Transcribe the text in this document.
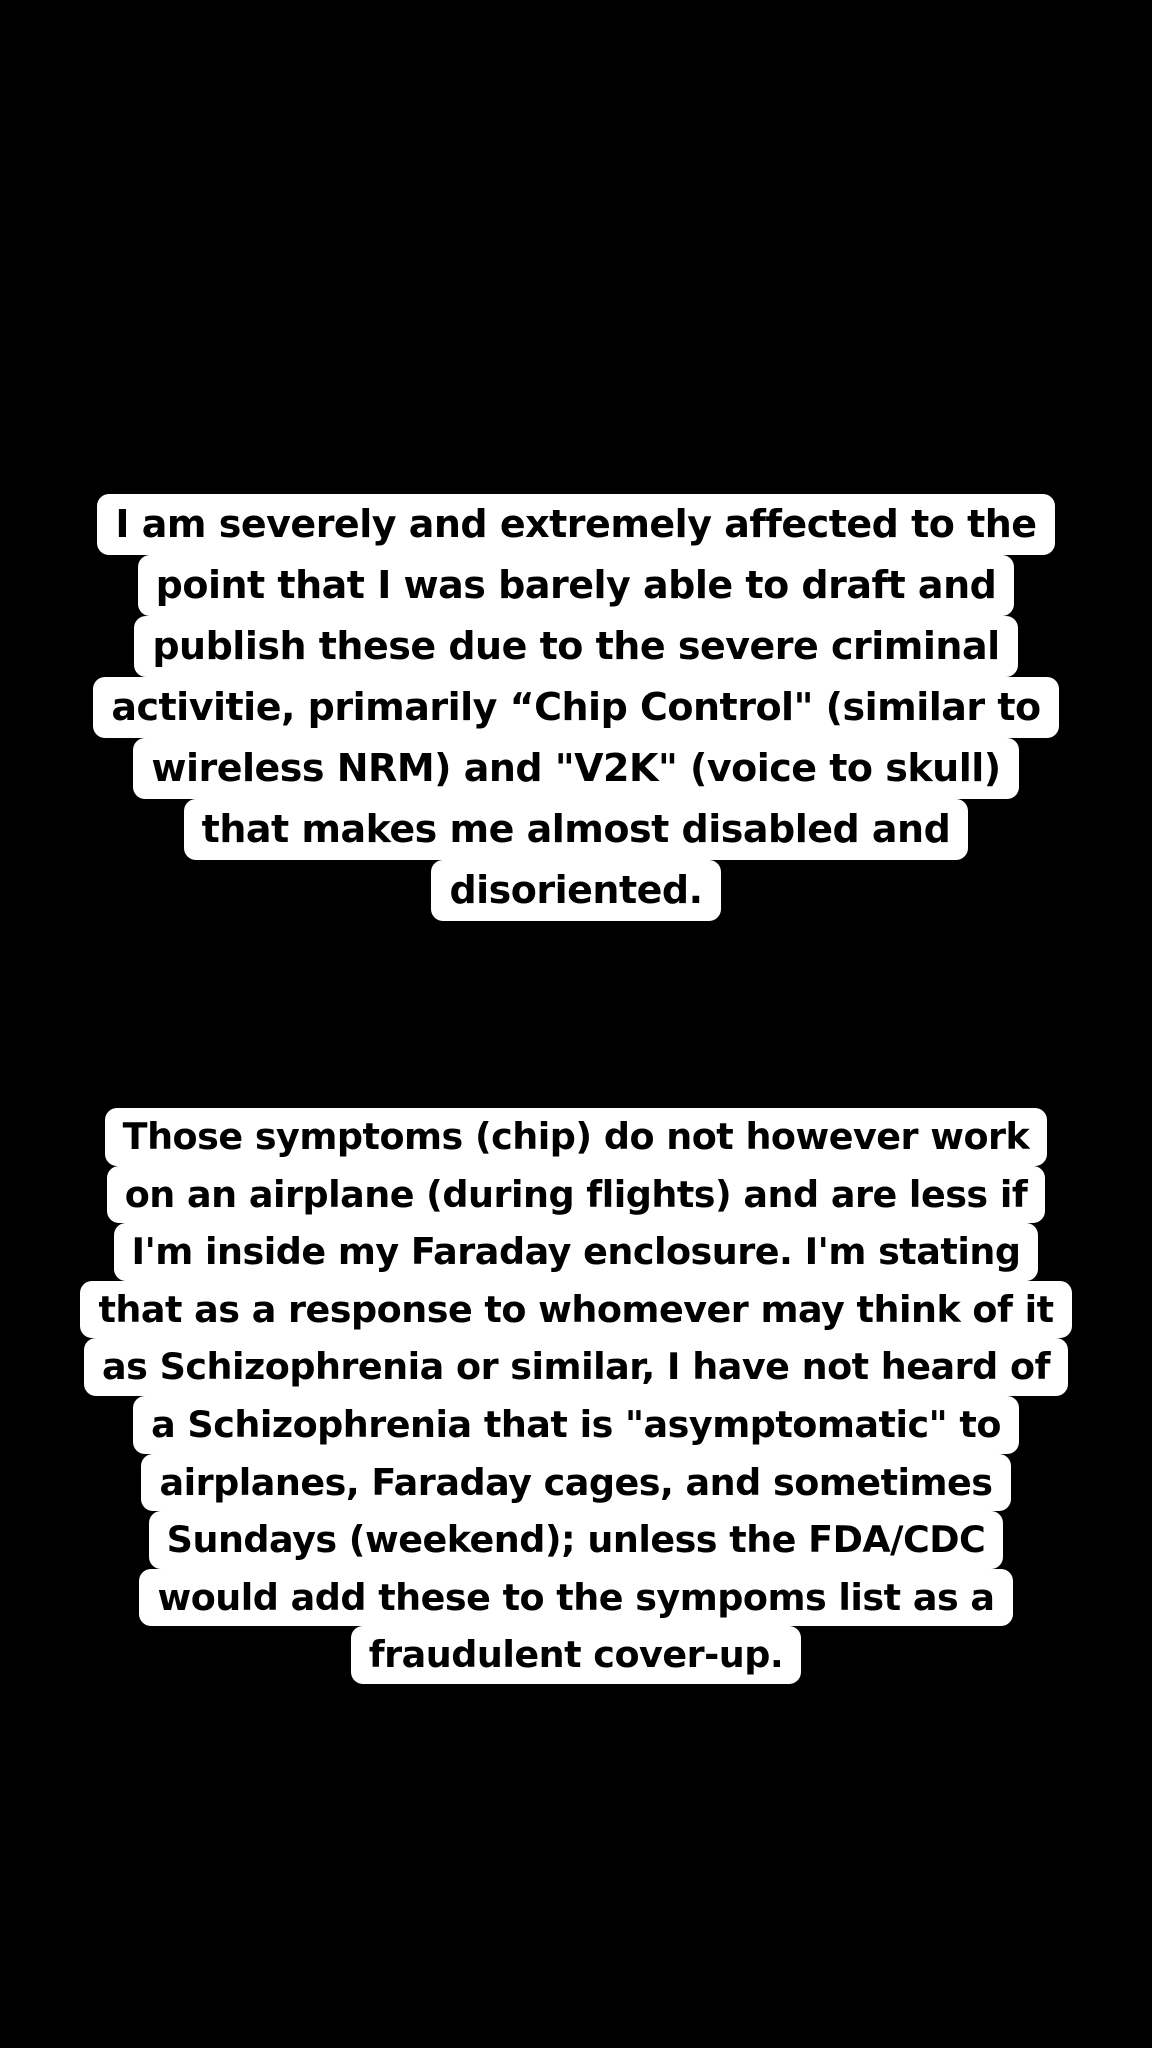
I am severely and extremely affected to the
point that I was barely able to draft and
publish these due to the severe criminal
activitie, primarily “Chip Control" (similar to
wireless NRM) and "V2K" (voice to skull)
that makes me almost disabled and
disoriented.
Those symptoms (chip) do not however work
on an airplane (during flights) and are less if
I'm inside my Faraday enclosure. I'm stating
that as a response to whomever may think of it
as Schizophrenia or similar, I have not heard of
a Schizophrenia that is "asymptomatic" to
airplanes, Faraday cages, and sometimes
Sundays (weekend); unless the FDA/CDC
would add these to the sympoms list as a
fraudulent cover-up.
